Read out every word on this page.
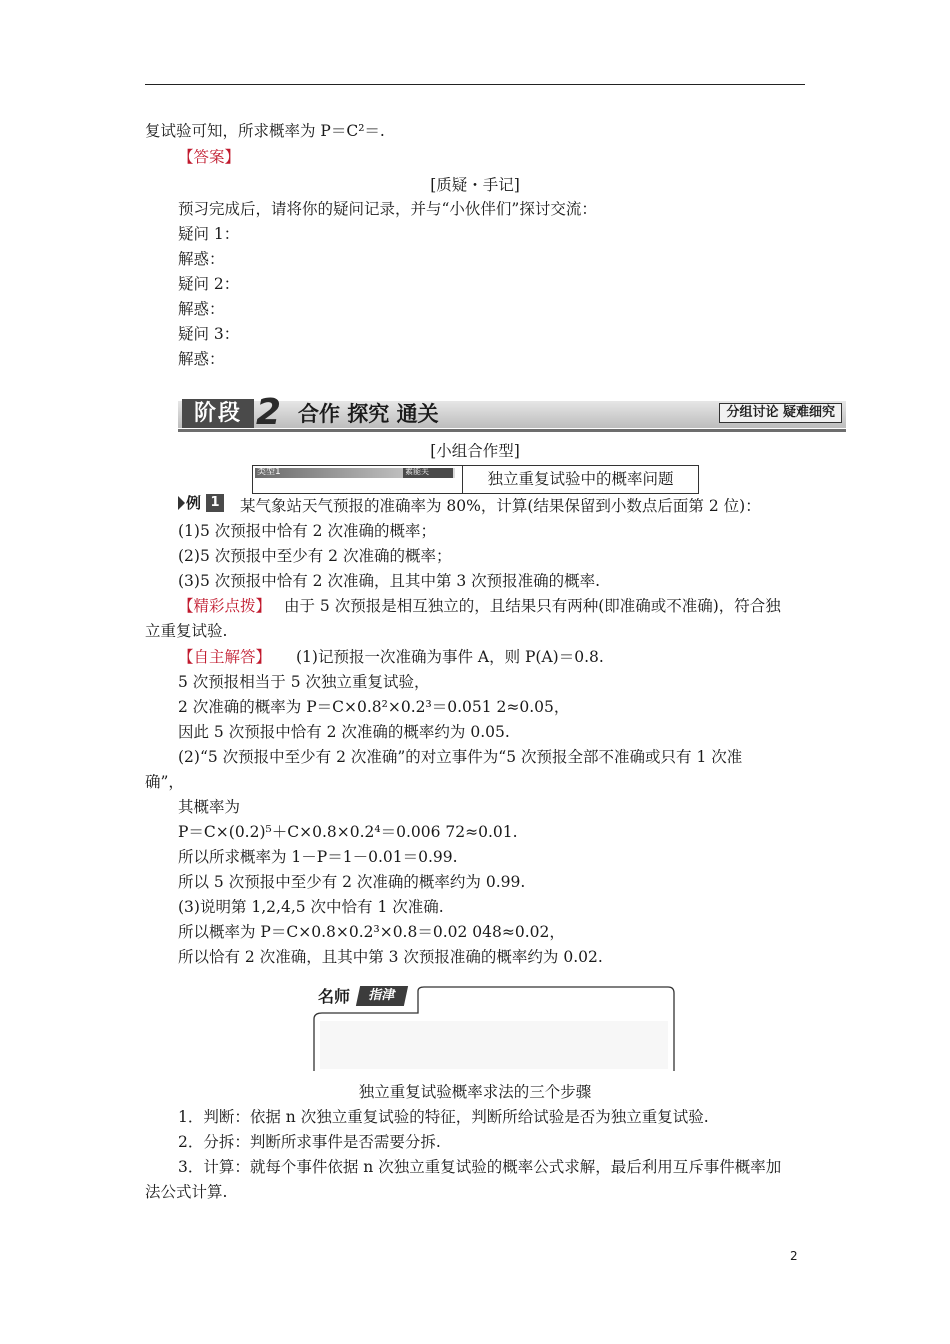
复试验可知，所求概率为 P＝C²＝.
【答案】
[质疑・手记]
预习完成后，请将你的疑问记录，并与“小伙伴们”探讨交流：
疑问 1：
解惑：
疑问 2：
解惑：
疑问 3：
解惑：
阶段 2 合作 探究 通关	分组讨论 疑难细究
[小组合作型]
类型1	素能关	独立重复试验中的概率问题
例 1 某气象站天气预报的准确率为 80%，计算(结果保留到小数点后面第 2 位)：
(1)5 次预报中恰有 2 次准确的概率；
(2)5 次预报中至少有 2 次准确的概率；
(3)5 次预报中恰有 2 次准确，且其中第 3 次预报准确的概率.
【精彩点拨】 由于 5 次预报是相互独立的，且结果只有两种(即准确或不准确)，符合独
立重复试验.
【自主解答】 (1)记预报一次准确为事件 A，则 P(A)＝0.8.
5 次预报相当于 5 次独立重复试验，
2 次准确的概率为 P＝C×0.8²×0.2³＝0.051 2≈0.05，
因此 5 次预报中恰有 2 次准确的概率约为 0.05.
(2)“5 次预报中至少有 2 次准确”的对立事件为“5 次预报全部不准确或只有 1 次准
确”，
其概率为
P＝C×(0.2)⁵＋C×0.8×0.2⁴＝0.006 72≈0.01.
所以所求概率为 1－P＝1－0.01＝0.99.
所以 5 次预报中至少有 2 次准确的概率约为 0.99.
(3)说明第 1,2,4,5 次中恰有 1 次准确.
所以概率为 P＝C×0.8×0.2³×0.8＝0.02 048≈0.02，
所以恰有 2 次准确，且其中第 3 次预报准确的概率约为 0.02.
名师	指津
独立重复试验概率求法的三个步骤
1．判断：依据 n 次独立重复试验的特征，判断所给试验是否为独立重复试验.
2．分拆：判断所求事件是否需要分拆.
3．计算：就每个事件依据 n 次独立重复试验的概率公式求解，最后利用互斥事件概率加
法公式计算.
2
